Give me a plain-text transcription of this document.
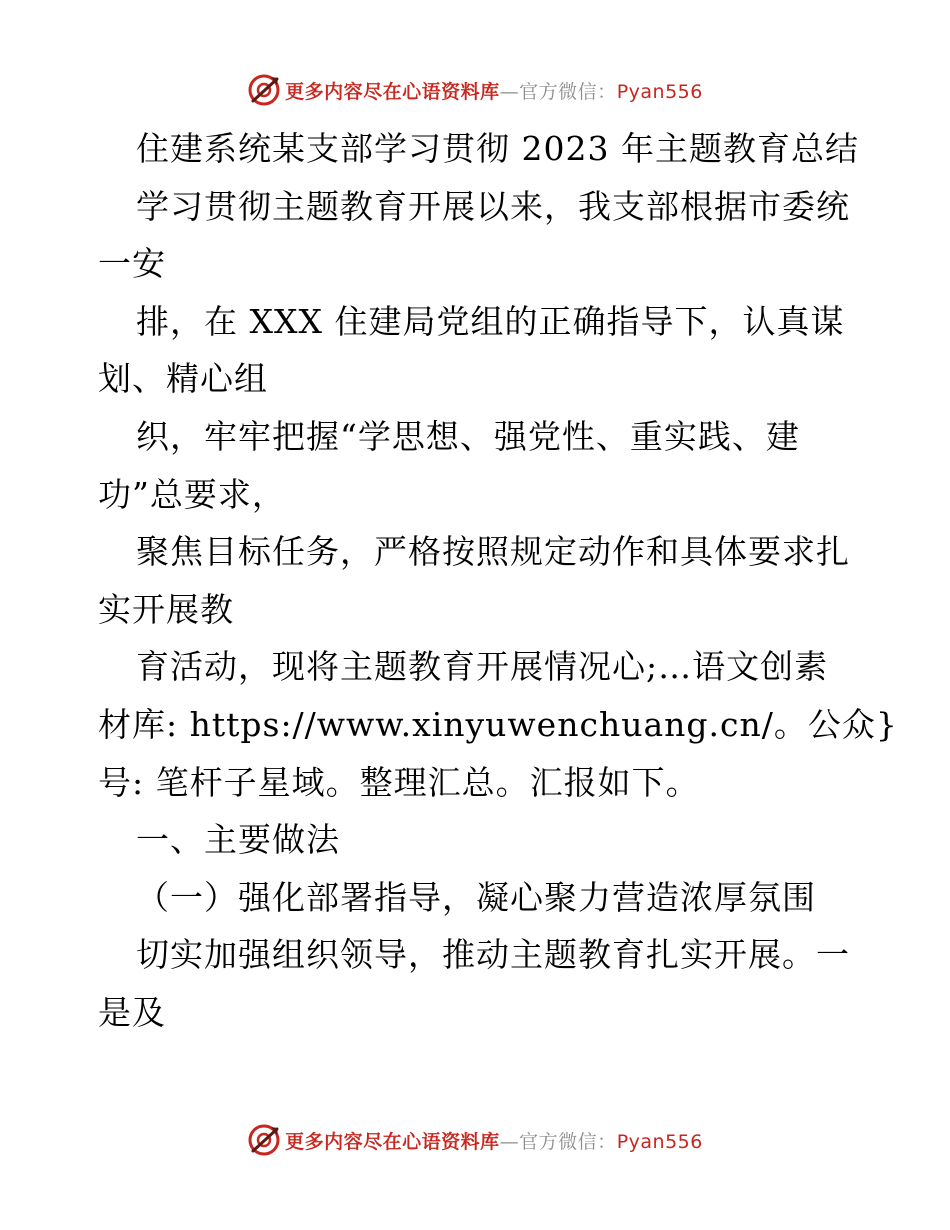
更多内容尽在心语资料库—官方微信：Pyan556
住建系统某支部学习贯彻 2023 年主题教育总结
学习贯彻主题教育开展以来，我支部根据市委统
一安
排，在 XXX 住建局党组的正确指导下，认真谋
划、精心组
织，牢牢把握“学思想、强党性、重实践、建
功”总要求，
聚焦目标任务，严格按照规定动作和具体要求扎
实开展教
育活动，现将主题教育开展情况心;…语文创素
材库: https://www.xinyuwenchuang.cn/。公众}
号: 笔杆子星域。整理汇总。汇报如下。
一、主要做法
（一）强化部署指导，凝心聚力营造浓厚氛围
切实加强组织领导，推动主题教育扎实开展。一
是及
更多内容尽在心语资料库—官方微信：Pyan556
